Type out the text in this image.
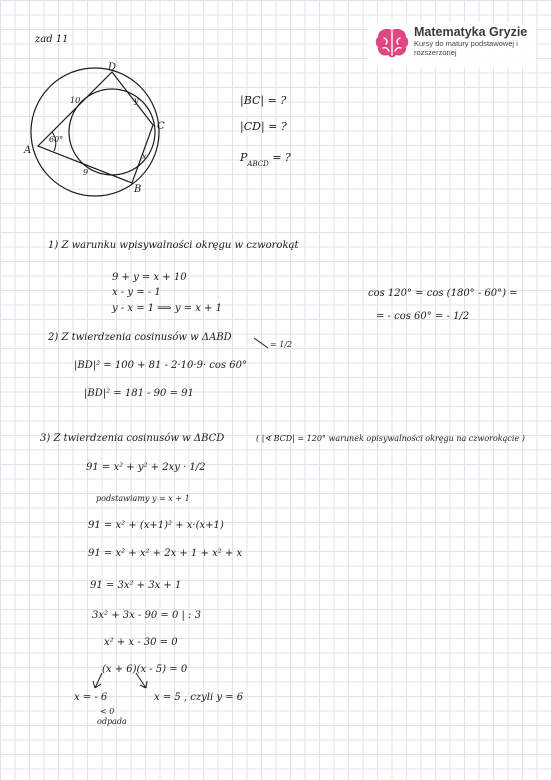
Matematyka Gryzie
Kursy do matury podstawowej i rozszerzonej
zad 11
D
A
C
B
60°
10
9
y
x
|BC| = ?
|CD| = ?
$P_{ABCD}$ = ?
1) Z warunku wpisywalności okręgu w czworokąt
9 + y = x + 10
x - y = - 1
y - x = 1 ⟹ y = x + 1
cos 120° = cos (180° - 60°) =
= - cos 60° = - 1/2
2) Z twierdzenia cosinusów w ΔABD
|BD|² = 100 + 81 - 2·10·9· cos 60°
= 1/2
|BD|² = 181 - 90 = 91
3) Z twierdzenia cosinusów w ΔBCD	( |∢ BCD| = 120° warunek opisywalności okręgu na czworokącie )
91 = x² + y² + 2xy · 1/2
podstawiamy y = x + 1
91 = x² + (x+1)² + x·(x+1)
91 = x² + x² + 2x + 1 + x² + x
91 = 3x² + 3x + 1
3x² + 3x - 90 = 0 | : 3
x² + x - 30 = 0
(x + 6)(x - 5) = 0
x = - 6
< 0
odpada
x = 5 , czyli y = 6
